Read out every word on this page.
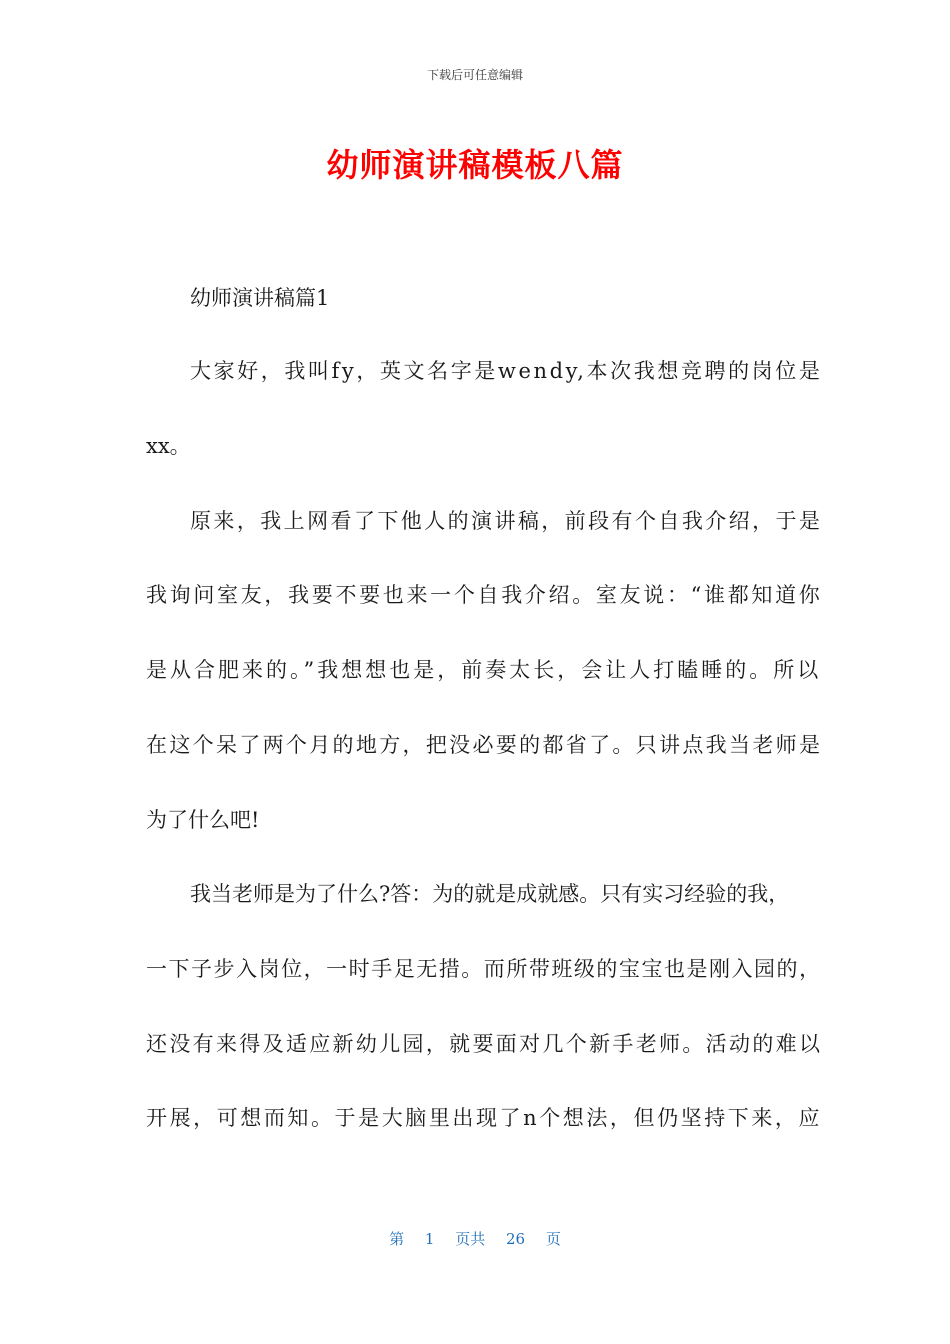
下载后可任意编辑
幼师演讲稿模板八篇
幼师演讲稿篇1
大家好，我叫fy，英文名字是wendy,本次我想竞聘的岗位是
xx。
原来，我上网看了下他人的演讲稿，前段有个自我介绍，于是
我询问室友，我要不要也来一个自我介绍。室友说：“谁都知道你
是从合肥来的。”我想想也是，前奏太长，会让人打瞌睡的。所以
在这个呆了两个月的地方，把没必要的都省了。只讲点我当老师是
为了什么吧!
我当老师是为了什么?答：为的就是成就感。只有实习经验的我，
一下子步入岗位，一时手足无措。而所带班级的宝宝也是刚入园的，
还没有来得及适应新幼儿园，就要面对几个新手老师。活动的难以
开展，可想而知。于是大脑里出现了n个想法，但仍坚持下来，应
第 1 页共 26 页
